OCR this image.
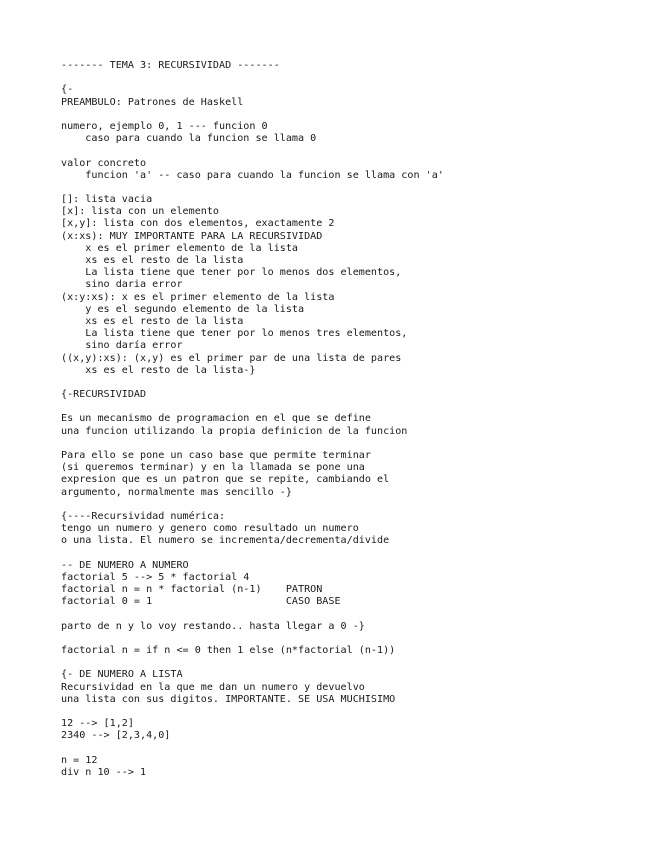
------- TEMA 3: RECURSIVIDAD -------
{-
PREAMBULO: Patrones de Haskell
numero, ejemplo 0, 1 --- funcion 0
caso para cuando la funcion se llama 0
valor concreto
funcion 'a' -- caso para cuando la funcion se llama con 'a'
[]: lista vacia
[x]: lista con un elemento
[x,y]: lista con dos elementos, exactamente 2
(x:xs): MUY IMPORTANTE PARA LA RECURSIVIDAD
x es el primer elemento de la lista
xs es el resto de la lista
La lista tiene que tener por lo menos dos elementos,
sino daria error
(x:y:xs): x es el primer elemento de la lista
y es el segundo elemento de la lista
xs es el resto de la lista
La lista tiene que tener por lo menos tres elementos,
sino daría error
((x,y):xs): (x,y) es el primer par de una lista de pares
xs es el resto de la lista-}
{-RECURSIVIDAD
Es un mecanismo de programacion en el que se define
una funcion utilizando la propia definicion de la funcion
Para ello se pone un caso base que permite terminar
(si queremos terminar) y en la llamada se pone una
expresion que es un patron que se repite, cambiando el
argumento, normalmente mas sencillo -}
{----Recursividad numérica:
tengo un numero y genero como resultado un numero
o una lista. El numero se incrementa/decrementa/divide
-- DE NUMERO A NUMERO
factorial 5 --> 5 * factorial 4
factorial n = n * factorial (n-1)    PATRON
factorial 0 = 1                      CASO BASE
parto de n y lo voy restando.. hasta llegar a 0 -}
factorial n = if n <= 0 then 1 else (n*factorial (n-1))
{- DE NUMERO A LISTA
Recursividad en la que me dan un numero y devuelvo
una lista con sus digitos. IMPORTANTE. SE USA MUCHISIMO
12 --> [1,2]
2340 --> [2,3,4,0]
n = 12
div n 10 --> 1
